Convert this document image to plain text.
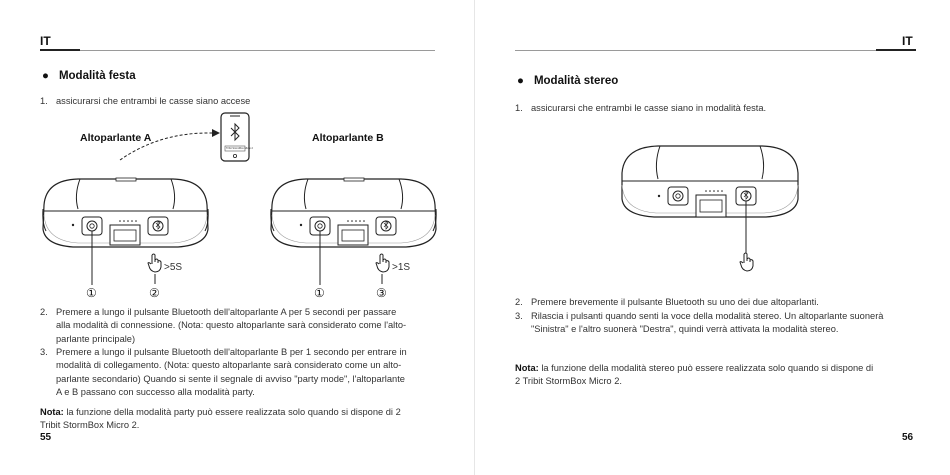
IT
● Modalità festa
1. assicurarsi che entrambi le casse siano accese
Altoparlante A	Altoparlante B
Tribit StormBox Micro 2
>5S	>1S
①	②	①	③
2. Premere a lungo il pulsante Bluetooth dell'altoparlante A per 5 secondi per passare
alla modalità di connessione. (Nota: questo altoparlante sarà considerato come l'alto-
parlante principale)
3. Premere a lungo il pulsante Bluetooth dell'altoparlante B per 1 secondo per entrare in
modalità di collegamento. (Nota: questo altoparlante sarà considerato come un alto-
parlante secondario) Quando si sente il segnale di avviso "party mode", l'altoparlante
A e B passano con successo alla modalità party.
Nota: la funzione della modalità party può essere realizzata solo quando si dispone di 2
Tribit StormBox Micro 2.
55
IT
● Modalità stereo
1. assicurarsi che entrambi le casse siano in modalità festa.
2. Premere brevemente il pulsante Bluetooth su uno dei due altoparlanti.
3. Rilascia i pulsanti quando senti la voce della modalità stereo. Un altoparlante suonerà
"Sinistra" e l'altro suonerà "Destra", quindi verrà attivata la modalità stereo.
Nota: la funzione della modalità stereo può essere realizzata solo quando si dispone di
2 Tribit StormBox Micro 2.
56
